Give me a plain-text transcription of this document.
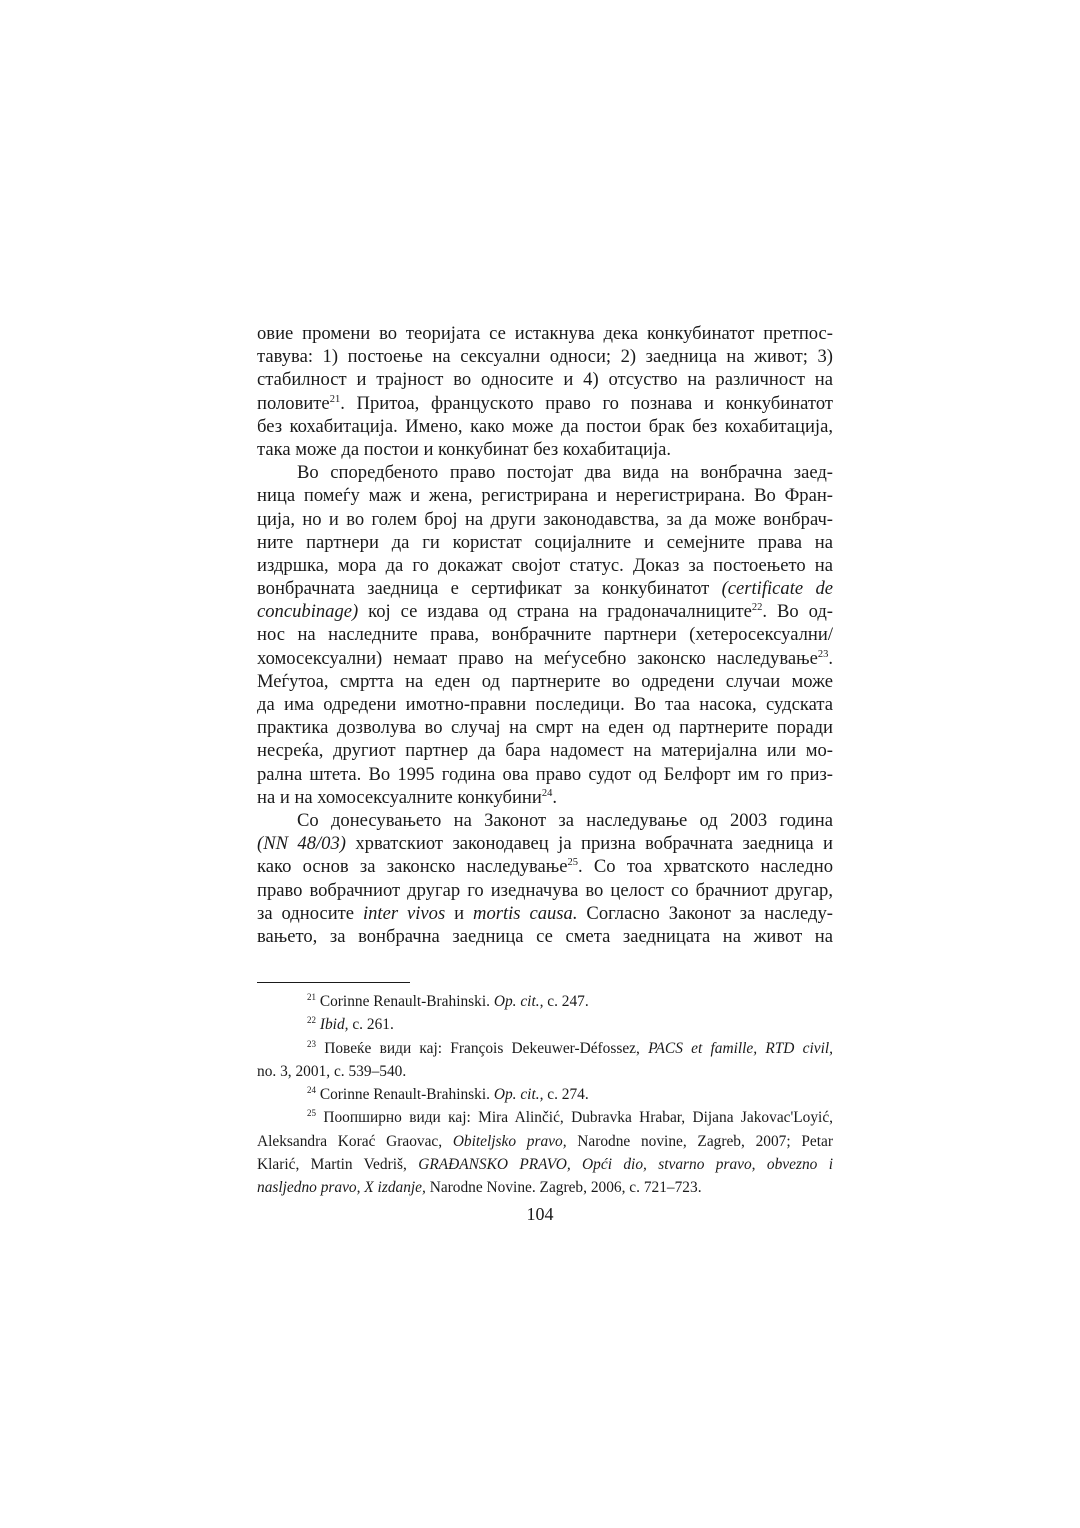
овие промени во теоријата се истакнува дека конкубинатот претпос-
тавува: 1) постоење на сексуални односи; 2) заедница на живот; 3)
стабилност и трајност во односите и 4) отсуство на различност на
половите$^{21}$. Притоа, францускoто право го познава и конкубинатот
без кохабитација. Имено, како може да постои брак без кохабитација,
така може да постои и конкубинат без кохабитација.
Во споредбеното право постојат два вида на вонбрачна заед-
ница помеѓу маж и жена, регистрирана и нерегистрирана. Во Фран-
ција, но и во голем број на други законодавства, за да може вонбрач-
ните партнери да ги користат социјалните и семејните права на
издршка, мора да го докажат својот статус. Доказ за постоењето на
вонбрачната заедница е сертификат за конкубинатот (certificate de
concubinage) кој се издава од страна на градоначалниците$^{22}$. Во од-
нос на наследните права, вонбрачните партнери (хетеросексуални/
хомосексуални) немаат право на меѓусебно законско наследување$^{23}$.
Меѓутоа, смртта на еден од партнерите во одредени случаи може
да има одредени имотно-правни последици. Во таа насока, судската
практика дозволува во случај на смрт на еден од партнерите поради
несреќа, другиот партнер да бара надомест на материјална или мо-
рална штета. Во 1995 година ова право судот од Белфорт им го приз-
на и на хомосексуалните конкубини$^{24}$.
Со донесувањето на Законот за наследување од 2003 година
(NN 48/03) хрватскиот законодавец ја призна вобрачната заедница и
како основ за законско наследување$^{25}$. Со тоа хрватското наследно
право вобрачниот другар го изедначува во целост со брачниот другар,
за односите inter vivos и mortis causa. Согласно Законот за наследу-
вањето, за вонбрачна заедница се смета заедницата на живот на
$^{21}$ Corinne Renault-Brahinski. Op. cit., с. 247.
$^{22}$ Ibid, с. 261.
$^{23}$ Повеќе види кај: François Dekeuwer-Défossez, PACS et famille, RTD civil,
no. 3, 2001, с. 539–540.
$^{24}$ Corinne Renault-Brahinski. Op. cit., с. 274.
$^{25}$ Поопширно види кај: Mira Alinčić, Dubravka Hrabar, Dijana Jakovac'Loyić,
Aleksandra Korać Graovac, Obiteljsko pravo, Narodne novine, Zagreb, 2007; Petar
Klarić, Martin Vedriš, GRAĐANSKO PRAVO, Opći dio, stvarno pravo, obvezno i
nasljedno pravo, X izdanje, Narodne Novine. Zagreb, 2006, с. 721–723.
104
